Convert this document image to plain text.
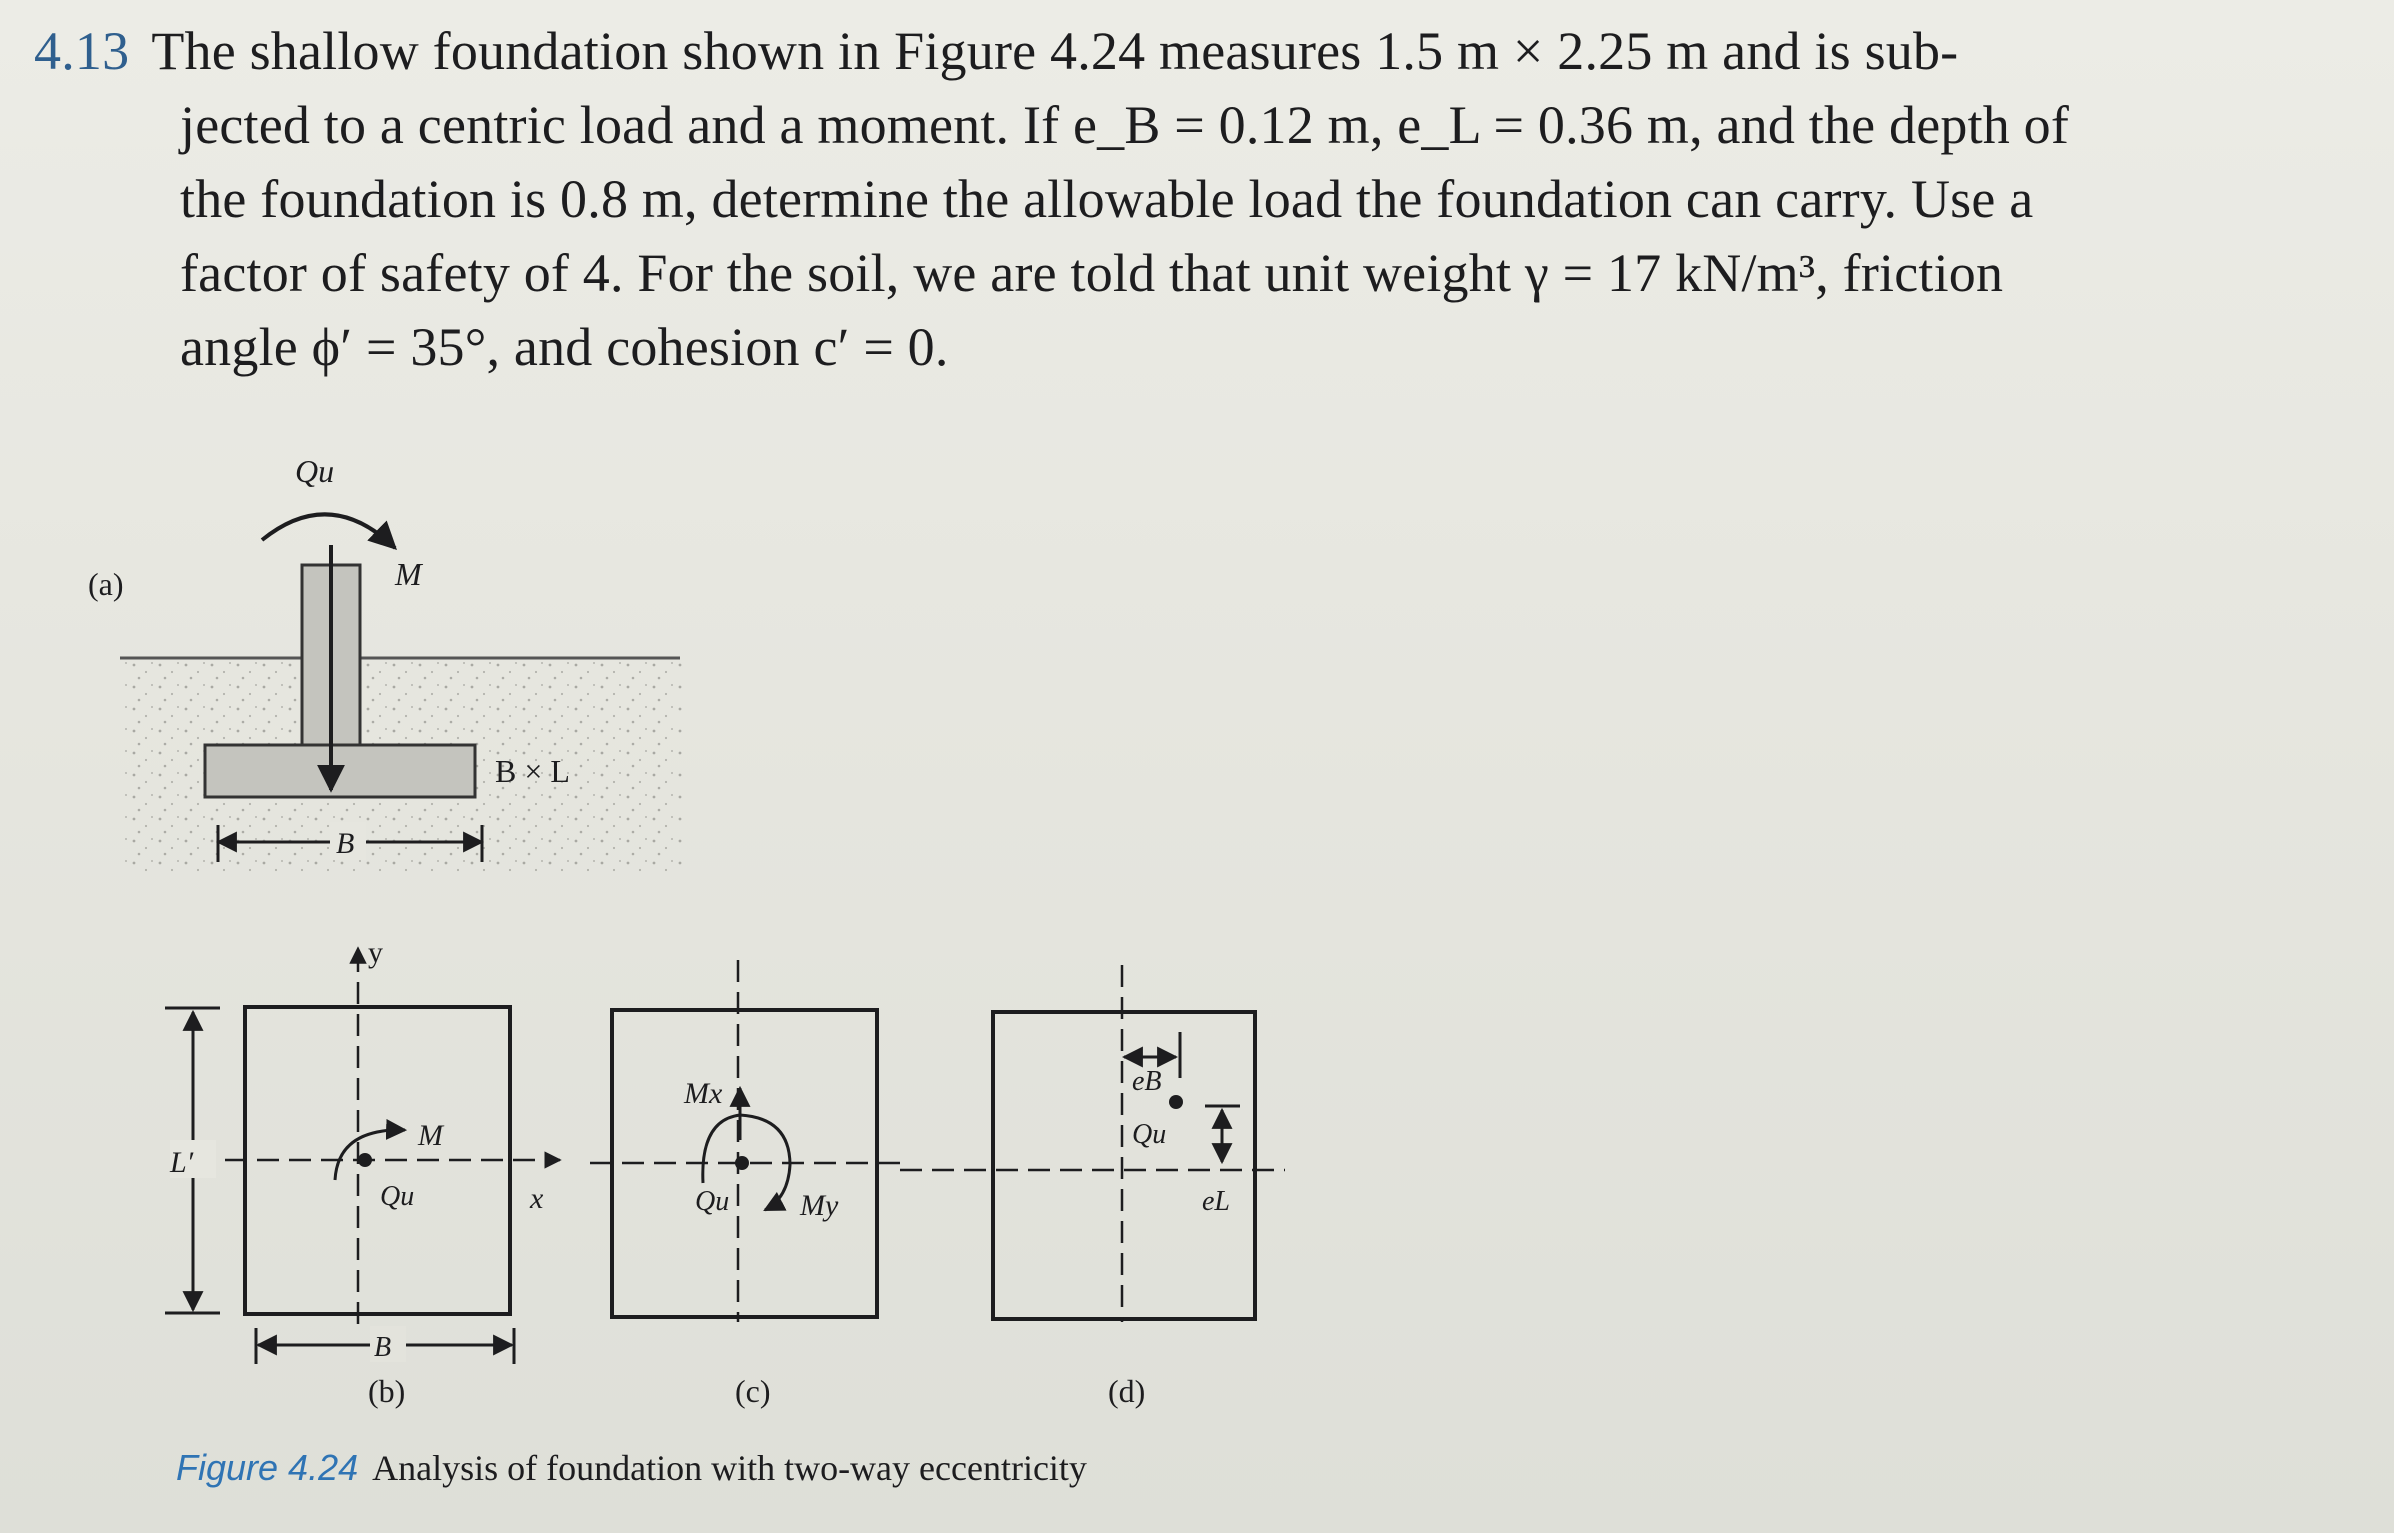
4.13 The shallow foundation shown in Figure 4.24 measures 1.5 m × 2.25 m and is sub-
jected to a centric load and a moment. If e_B = 0.12 m, e_L = 0.36 m, and the depth of
the foundation is 0.8 m, determine the allowable load the foundation can carry. Use a
factor of safety of 4. For the soil, we are told that unit weight γ = 17 kN/m³, friction
angle ϕ′ = 35°, and cohesion c′ = 0.
(a)
Qu
M
B × L
B
y
x
M
Qu
L′
B
(b)
Mx
My
Qu
(c)
eB
Qu
eL
(d)
Figure 4.24 Analysis of foundation with two-way eccentricity
